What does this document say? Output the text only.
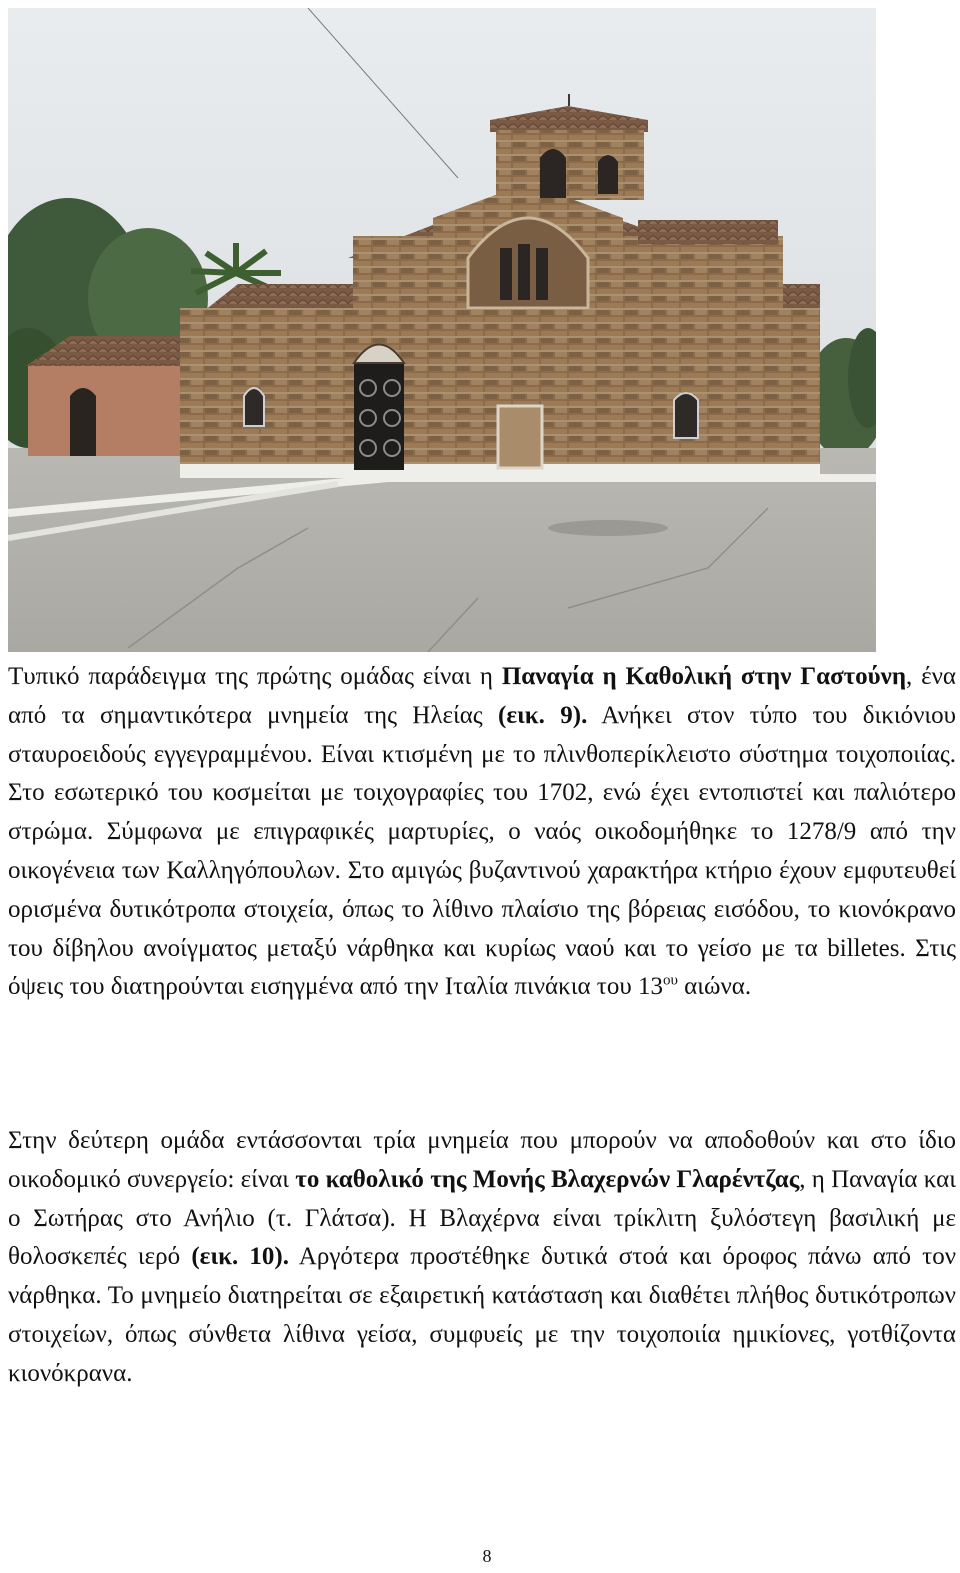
Τυπικό παράδειγμα της πρώτης ομάδας είναι η Παναγία η Καθολική στην Γαστούνη, ένα από τα σημαντικότερα μνημεία της Ηλείας (εικ. 9). Ανήκει στον τύπο του δικιόνιου σταυροειδούς εγγεγραμμένου. Είναι κτισμένη με το πλινθοπερίκλειστο σύστημα τοιχοποιίας. Στο εσωτερικό του κοσμείται με τοιχογραφίες του 1702, ενώ έχει εντοπιστεί και παλιότερο στρώμα. Σύμφωνα με επιγραφικές μαρτυρίες, ο ναός οικοδομήθηκε το 1278/9 από την οικογένεια των Καλληγόπουλων. Στο αμιγώς βυζαντινού χαρακτήρα κτήριο έχουν εμφυτευθεί ορισμένα δυτικότροπα στοιχεία, όπως το λίθινο πλαίσιο της βόρειας εισόδου, το κιονόκρανο του δίβηλου ανοίγματος μεταξύ νάρθηκα και κυρίως ναού και το γείσο με τα billetes. Στις όψεις του διατηρούνται εισηγμένα από την Ιταλία πινάκια του $13^{o\upsilon}$ αιώνα.

Στην δεύτερη ομάδα εντάσσονται τρία μνημεία που μπορούν να αποδοθούν και στο ίδιο οικοδομικό συνεργείο: είναι το καθολικό της Μονής Βλαχερνών Γλαρέντζας, η Παναγία και ο Σωτήρας στο Ανήλιο (τ. Γλάτσα). Η Βλαχέρνα είναι τρίκλιτη ξυλόστεγη βασιλική με θολοσκεπές ιερό (εικ. 10). Αργότερα προστέθηκε δυτικά στοά και όροφος πάνω από τον νάρθηκα. Το μνημείο διατηρείται σε εξαιρετική κατάσταση και διαθέτει πλήθος δυτικότροπων στοιχείων, όπως σύνθετα λίθινα γείσα, συμφυείς με την τοιχοποιία ημικίονες, γοτθίζοντα κιονόκρανα.

8
